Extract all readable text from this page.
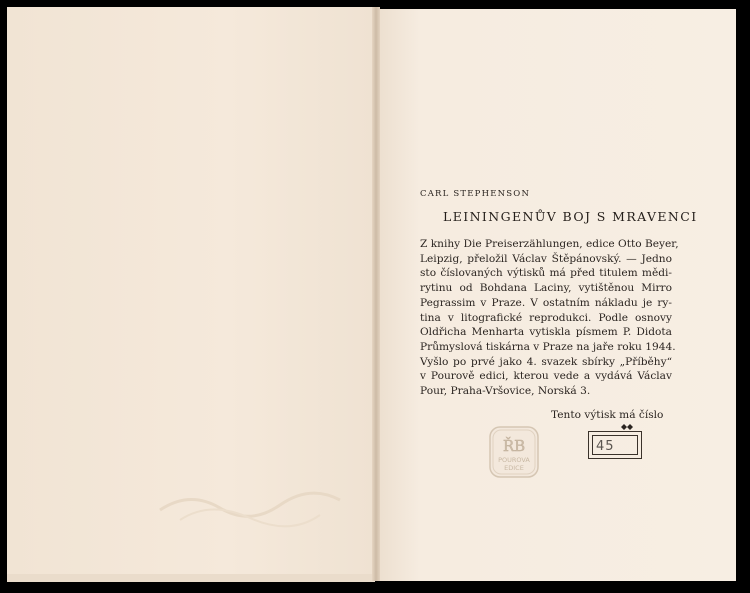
CARL STEPHENSON
LEININGENŮV BOJ S MRAVENCI
Z knihy Die Preiserzählungen, edice Otto Beyer,
Leipzig, přeložil Václav Štěpánovský. — Jedno
sto číslovaných výtisků má před titulem mědi-
rytinu od Bohdana Laciny, vytištěnou Mirro
Pegrassim v Praze. V ostatním nákladu je ry-
tina v litografické reprodukci. Podle osnovy
Oldřicha Menharta vytiskla písmem P. Didota
Průmyslová tiskárna v Praze na jaře roku 1944.
Vyšlo po prvé jako 4. svazek sbírky „Příběhy“
v Pourově edici, kterou vede a vydává Václav
Pour, Praha-Vršovice, Norská 3.
Tento výtisk má číslo
45
ŘB
POUROVA
EDICE
